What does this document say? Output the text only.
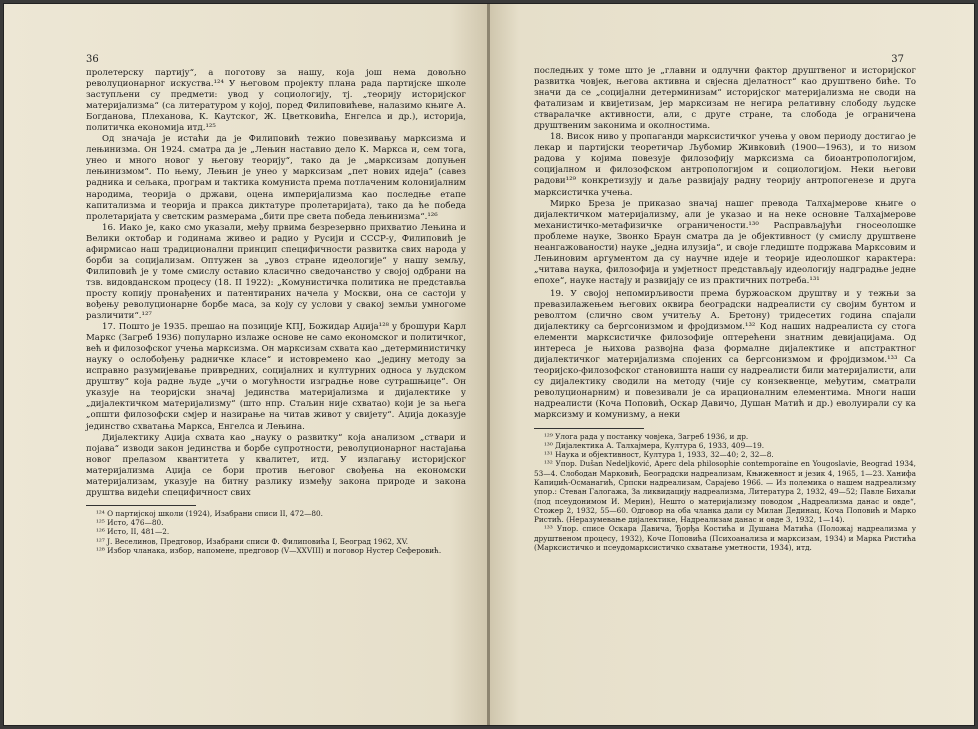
36

пролетерску партију“, а поготову за нашу, која још нема довољно револуционарног искуства.¹²⁴ У његовом пројекту плана рада партијске школе заступљени су предмети: увод у социологију, тј. „теорију историјског материјализма“ (са литературом у којој, поред Филиповићеве, налазимо књиге А. Богданова, Плеханова, К. Каутског, Ж. Цветковића, Енгелса и др.), историја, политичка економија итд.¹²⁵

Од значаја је истаћи да је Филиповић тежио повезивању марксизма и лењинизма. Он 1924. сматра да је „Лењин наставио дело К. Маркса и, сем тога, унео и много новог у његову теорију“, тако да је „марксизам допуњен лењинизмом“. По њему, Лењин је унео у марксизам „пет нових идеја“ (савез радника и сељака, програм и тактика комуниста према потлаченим колонијалним народима, теорија о држави, оцена империјализма као последње етапе капитализма и теорија и пракса диктатуре пролетаријата), тако да ће победа пролетаријата у светским размерама „бити пре света победа лењинизма“.¹²⁶

16. Иако је, како смо указали, међу првима безрезервно прихватио Лењина и Велики октобар и годинама живео и радио у Русији и СССР-у, Филиповић је афирмисао наш традиционални принцип специфичности развитка свих народа у борби за социјализам. Оптужен за „увоз стране идеологије“ у нашу земљу, Филиповић је у томе смислу оставио класично сведочанство у својој одбрани на тзв. видовданском процесу (18. II 1922): „Комунистичка политика не представља просту копију пронађених и патентираних начела у Москви, она се састоји у вођењу револуционарне борбе маса, за коју су услови у свакој земљи умногоме различити“.¹²⁷

17. Пошто је 1935. прешао на позиције КПЈ, Божидар Аџија¹²⁸ у брошури Карл Маркс (Загреб 1936) популарно излаже основе не само економског и политичког, већ и филозофског учења марксизма. Он марксизам схвата као „детерминистичку науку о ослобођењу радничке класе“ и истовремено као „једину методу за исправно разумијевање привредних, социјалних и културних односа у људском друштву“ која радне људе „учи о могућности изградње нове сутрашњице“. Он указује на теоријски значај јединства материјализма и дијалектике у „дијалектичком материјализму“ (што нпр. Стаљин није схватао) који је за њега „општи филозофски смјер и назирање на читав живот у свијету“. Аџија доказује јединство схватања Маркса, Енгелса и Лењина.

Дијалектику Аџија схвата као „науку о развитку“ која анализом „ствари и појава“ изводи закон јединства и борбе супротности, револуционарног настајања новог прелазом квантитета у квалитет, итд. У излагању историјског материјализма Аџија се бори против његовог свођења на економски материјализам, указује на битну разлику између закона природе и закона друштва видећи специфичност свих

¹²⁴ О партијској школи (1924), Изабрани списи II, 472—80.

¹²⁵ Исто, 476—80.

¹²⁶ Исто, II, 481—2.

¹²⁷ Ј. Веселинов, Предговор, Изабрани списи Ф. Филиповића I, Београд 1962, XV.

¹²⁸ Избор чланака, избор, напомене, предговор (V—XXVIII) и поговор Нустер Сеферовић.

37

последњих у томе што је „главни и одлучни фактор друштвеног и историјског развитка човјек, његова активна и свјесна дјелатност“ као друштвено биће. То значи да се „социјални детерминизам“ историјског материјализма не своди на фатализам и квијетизам, јер марксизам не негира релативну слободу људске стваралачке активности, али, с друге стране, та слобода је ограничена друштвеним законима и околностима.

18. Висок ниво у пропаганди марксистичког учења у овом периоду достигао је лекар и партијски теоретичар Љубомир Живковић (1900—1963), и то низом радова у којима повезује филозофију марксизма са биоантропологијом, социјалном и филозофском антропологијом и социологијом. Неки његови радови¹²⁹ конкретизују и даље развијају радну теорију антропогенезе и друга марксистичка учења.

Мирко Бреза је приказао значај нашег превода Талхајмерове књиге о дијалектичком материјализму, али је указао и на неке основне Талхајмерове механистичко-метафизичке ограничености.¹³⁰ Расправљајући гносеолошке проблеме науке, Звонко Браун сматра да је објективност (у смислу друштвене неангажованости) науке „једна илузија“, и своје гледиште подржава Марксовим и Лењиновим аргументом да су научне идеје и теорије идеолошког карактера: „читава наука, филозофија и умјетност представљају идеологију надградње једне епохе“, науке настају и развијају се из практичних потреба.¹³¹

19. У својој непомирљивости према буржоаском друштву и у тежњи за превазилажењем његових оквира београдски надреалисти су својим бунтом и револтом (слично свом учитељу А. Бретону) тридесетих година спајали дијалектику са бергсонизмом и фројдизмом.¹³² Код наших надреалиста су стога елементи марксистичке филозофије оптерећени знатним девијацијама. Од интереса је њихова развојна фаза формалне дијалектике и апстрактног дијалектичког материјализма спојених са бергсонизмом и фројдизмом.¹³³ Са теоријско-филозофског становишта наши су надреалисти били материјалисти, али су дијалектику сводили на методу (чије су конзеквенце, међутим, сматрали револуционарним) и повезивали је са ирационалним елементима. Многи наши надреалисти (Коча Поповић, Оскар Давичо, Душан Матић и др.) еволуирали су ка марксизму и комунизму, а неки

¹²⁹ Улога рада у постанку човјека, Загреб 1936, и др.

¹³⁰ Дијалектика А. Талхајмера, Култура 6, 1933, 409—19.

¹³¹ Наука и објективност, Култура 1, 1933, 32—40; 2, 32—8.

¹³² Упор. Dušan Nedeljković, Aperc dela philosophie contemporaine en Yougoslavie, Beograd 1934, 53—4. Слободан Марковић, Београдски надреализам, Књижевност и језик 4, 1965, 1—23. Ханифа Капиџић-Османагић, Српски надреализам, Сарајево 1966. — Из полемика о нашем надреализму упор.: Стеван Галогажа, За ликвидацију надреализма, Литература 2, 1932, 49—52; Павле Бихаљи (под псеудонимом И. Мерин), Нешто о материјализму поводом „Надреализма данас и овде“, Стожер 2, 1932, 55—60. Одговор на оба чланка дали су Милан Дединац, Коча Поповић и Марко Ристић. (Неразумевање дијалектике, Надреализам данас и овде 3, 1932, 1—14).

¹³³ Упор. списе Оскара Давича, Ђорђа Костића и Душана Матића (Положај надреализма у друштвеном процесу, 1932), Коче Поповића (Психоанализа и марксизам, 1934) и Марка Ристића (Марксистичко и псеудомарксистичко схватање уметности, 1934), итд.
